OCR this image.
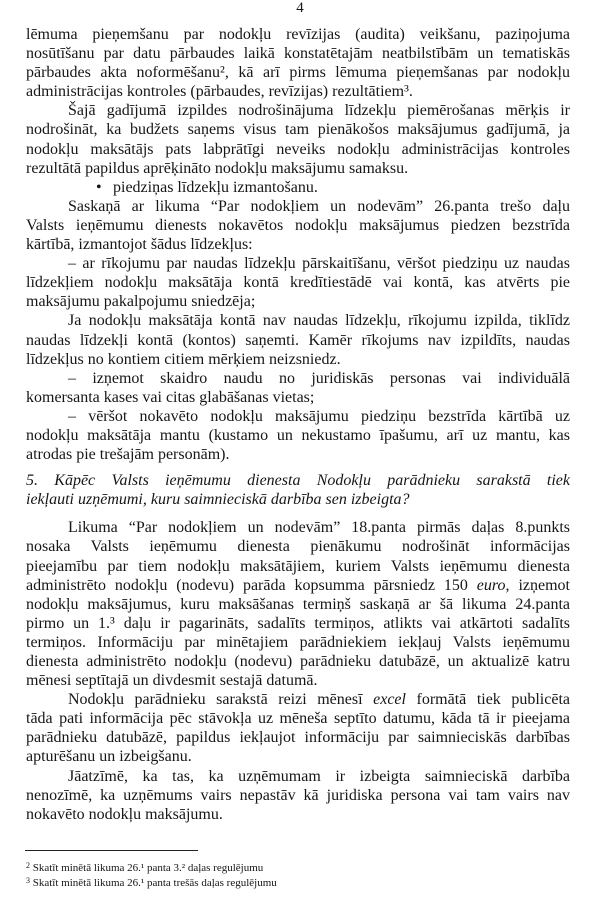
4
lēmuma pieņemšanu par nodokļu revīzijas (audita) veikšanu, paziņojuma
nosūtīšanu par datu pārbaudes laikā konstatētajām neatbilstībām un tematiskās
pārbaudes akta noformēšanu², kā arī pirms lēmuma pieņemšanas par nodokļu
administrācijas kontroles (pārbaudes, revīzijas) rezultātiem³.
Šajā gadījumā izpildes nodrošinājuma līdzekļu piemērošanas mērķis ir
nodrošināt, ka budžets saņems visus tam pienākošos maksājumus gadījumā, ja
nodokļu maksātājs pats labprātīgi neveiks nodokļu administrācijas kontroles
rezultātā papildus aprēķināto nodokļu maksājumu samaksu.
piedziņas līdzekļu izmantošanu.
•
Saskaņā ar likuma “Par nodokļiem un nodevām” 26.panta trešo daļu
Valsts ieņēmumu dienests nokavētos nodokļu maksājumus piedzen bezstrīda
kārtībā, izmantojot šādus līdzekļus:
– ar rīkojumu par naudas līdzekļu pārskaitīšanu, vēršot piedziņu uz naudas
līdzekļiem nodokļu maksātāja kontā kredītiestādē vai kontā, kas atvērts pie
maksājumu pakalpojumu sniedzēja;
Ja nodokļu maksātāja kontā nav naudas līdzekļu, rīkojumu izpilda, tiklīdz
naudas līdzekļi kontā (kontos) saņemti. Kamēr rīkojums nav izpildīts, naudas
līdzekļus no kontiem citiem mērķiem neizsniedz.
– izņemot skaidro naudu no juridiskās personas vai individuālā
komersanta kases vai citas glabāšanas vietas;
– vēršot nokavēto nodokļu maksājumu piedziņu bezstrīda kārtībā uz
nodokļu maksātāja mantu (kustamo un nekustamo īpašumu, arī uz mantu, kas
atrodas pie trešajām personām).
5. Kāpēc Valsts ieņēmumu dienesta Nodokļu parādnieku sarakstā tiek
iekļauti uzņēmumi, kuru saimnieciskā darbība sen izbeigta?
Likuma “Par nodokļiem un nodevām” 18.panta pirmās daļas 8.punkts
nosaka Valsts ieņēmumu dienesta pienākumu nodrošināt informācijas
pieejamību par tiem nodokļu maksātājiem, kuriem Valsts ieņēmumu dienesta
administrēto nodokļu (nodevu) parāda kopsumma pārsniedz 150 euro, izņemot
nodokļu maksājumus, kuru maksāšanas termiņš saskaņā ar šā likuma 24.panta
pirmo un 1.³ daļu ir pagarināts, sadalīts termiņos, atlikts vai atkārtoti sadalīts
termiņos. Informāciju par minētajiem parādniekiem iekļauj Valsts ieņēmumu
dienesta administrēto nodokļu (nodevu) parādnieku datubāzē, un aktualizē katru
mēnesi septītajā un divdesmit sestajā datumā.
Nodokļu parādnieku sarakstā reizi mēnesī excel formātā tiek publicēta
tāda pati informācija pēc stāvokļa uz mēneša septīto datumu, kāda tā ir pieejama
parādnieku datubāzē, papildus iekļaujot informāciju par saimnieciskās darbības
apturēšanu un izbeigšanu.
Jāatzīmē, ka tas, ka uzņēmumam ir izbeigta saimnieciskā darbība
nenozīmē, ka uzņēmums vairs nepastāv kā juridiska persona vai tam vairs nav
nokavēto nodokļu maksājumu.
$^2$ Skatīt minētā likuma 26.¹ panta 3.² daļas regulējumu
$^3$ Skatīt minētā likuma 26.¹ panta trešās daļas regulējumu
